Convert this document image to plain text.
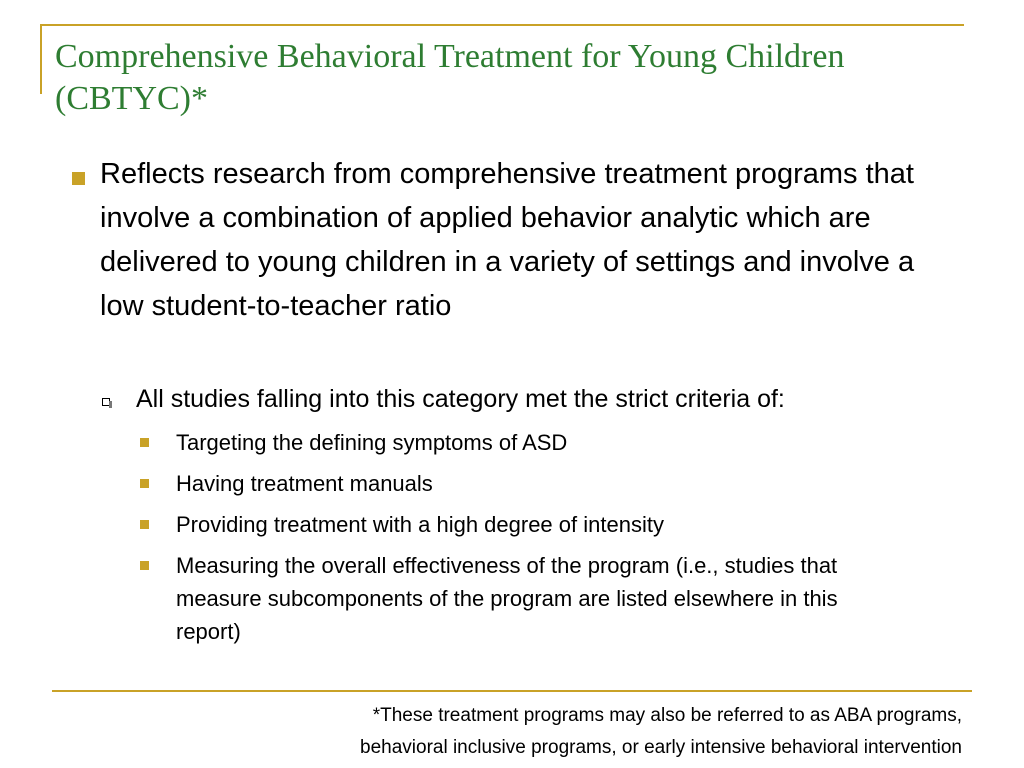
Comprehensive Behavioral Treatment for Young Children (CBTYC)*
Reflects research from comprehensive treatment programs that involve a combination of applied behavior analytic which are delivered to young children in a variety of settings and involve a low student-to-teacher ratio
All studies falling into this category met the strict criteria of:
Targeting the defining symptoms of ASD
Having treatment manuals
Providing treatment with a high degree of intensity
Measuring the overall effectiveness of the program (i.e., studies that measure subcomponents of the program are listed elsewhere in this report)
*These treatment programs may also be referred to as ABA programs,
behavioral inclusive programs, or early intensive behavioral intervention
